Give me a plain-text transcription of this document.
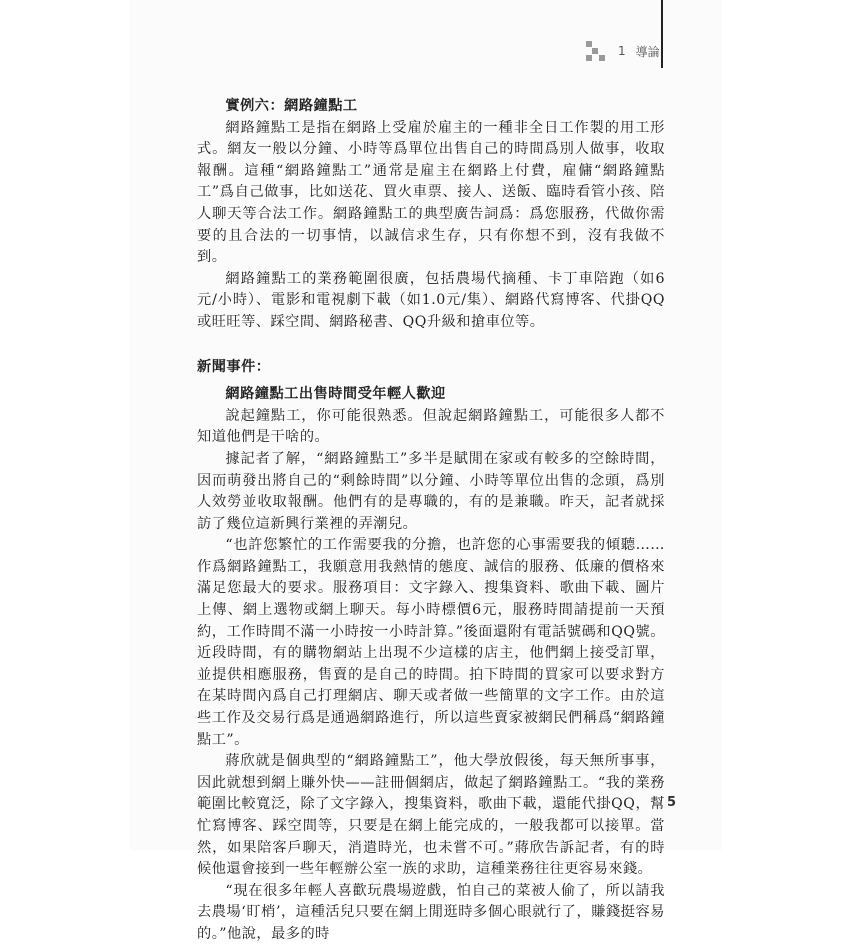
1 導論

實例六：網路鐘點工

網路鐘點工是指在網路上受雇於雇主的一種非全日工作製的用工形式。網友一般以分鐘、小時等爲單位出售自己的時間爲別人做事，收取報酬。這種“網路鐘點工”通常是雇主在網路上付費，雇傭“網路鐘點工”爲自己做事，比如送花、買火車票、接人、送飯、臨時看管小孩、陪人聊天等合法工作。網路鐘點工的典型廣告詞爲：爲您服務，代做你需要的且合法的一切事情，以誠信求生存，只有你想不到，沒有我做不到。

網路鐘點工的業務範圍很廣，包括農場代摘種、卡丁車陪跑（如6元/小時）、電影和電視劇下載（如1.0元/集）、網路代寫博客、代掛QQ或旺旺等、踩空間、網路秘書、QQ升級和搶車位等。

新聞事件：

網路鐘點工出售時間受年輕人歡迎

說起鐘點工，你可能很熟悉。但說起網路鐘點工，可能很多人都不知道他們是干啥的。

據記者了解，“網路鐘點工”多半是賦閒在家或有較多的空餘時間，因而萌發出將自己的“剩餘時間”以分鐘、小時等單位出售的念頭，爲別人效勞並收取報酬。他們有的是專職的，有的是兼職。昨天，記者就採訪了幾位這新興行業裡的弄潮兒。

“也許您繁忙的工作需要我的分擔，也許您的心事需要我的傾聽……作爲網路鐘點工，我願意用我熱情的態度、誠信的服務、低廉的價格來滿足您最大的要求。服務項目：文字錄入、搜集資料、歌曲下載、圖片上傳、網上選物或網上聊天。每小時標價6元，服務時間請提前一天預約，工作時間不滿一小時按一小時計算。”後面還附有電話號碼和QQ號。近段時間，有的購物網站上出現不少這樣的店主，他們網上接受訂單，並提供相應服務，售賣的是自己的時間。拍下時間的買家可以要求對方在某時間內爲自己打理網店、聊天或者做一些簡單的文字工作。由於這些工作及交易行爲是通過網路進行，所以這些賣家被網民們稱爲“網路鐘點工”。

蔣欣就是個典型的“網路鐘點工”，他大學放假後，每天無所事事，因此就想到網上賺外快——註冊個網店，做起了網路鐘點工。“我的業務範圍比較寬泛，除了文字錄入，搜集資料，歌曲下載，還能代掛QQ，幫忙寫博客、踩空間等，只要是在網上能完成的，一般我都可以接單。當然，如果陪客戶聊天，消遣時光，也未嘗不可。”蔣欣告訴記者，有的時候他還會接到一些年輕辦公室一族的求助，這種業務往往更容易來錢。

“現在很多年輕人喜歡玩農場遊戲，怕自己的菜被人偷了，所以請我去農場‘盯梢’，這種活兒只要在網上閒逛時多個心眼就行了，賺錢挺容易的。”他說，最多的時

5
